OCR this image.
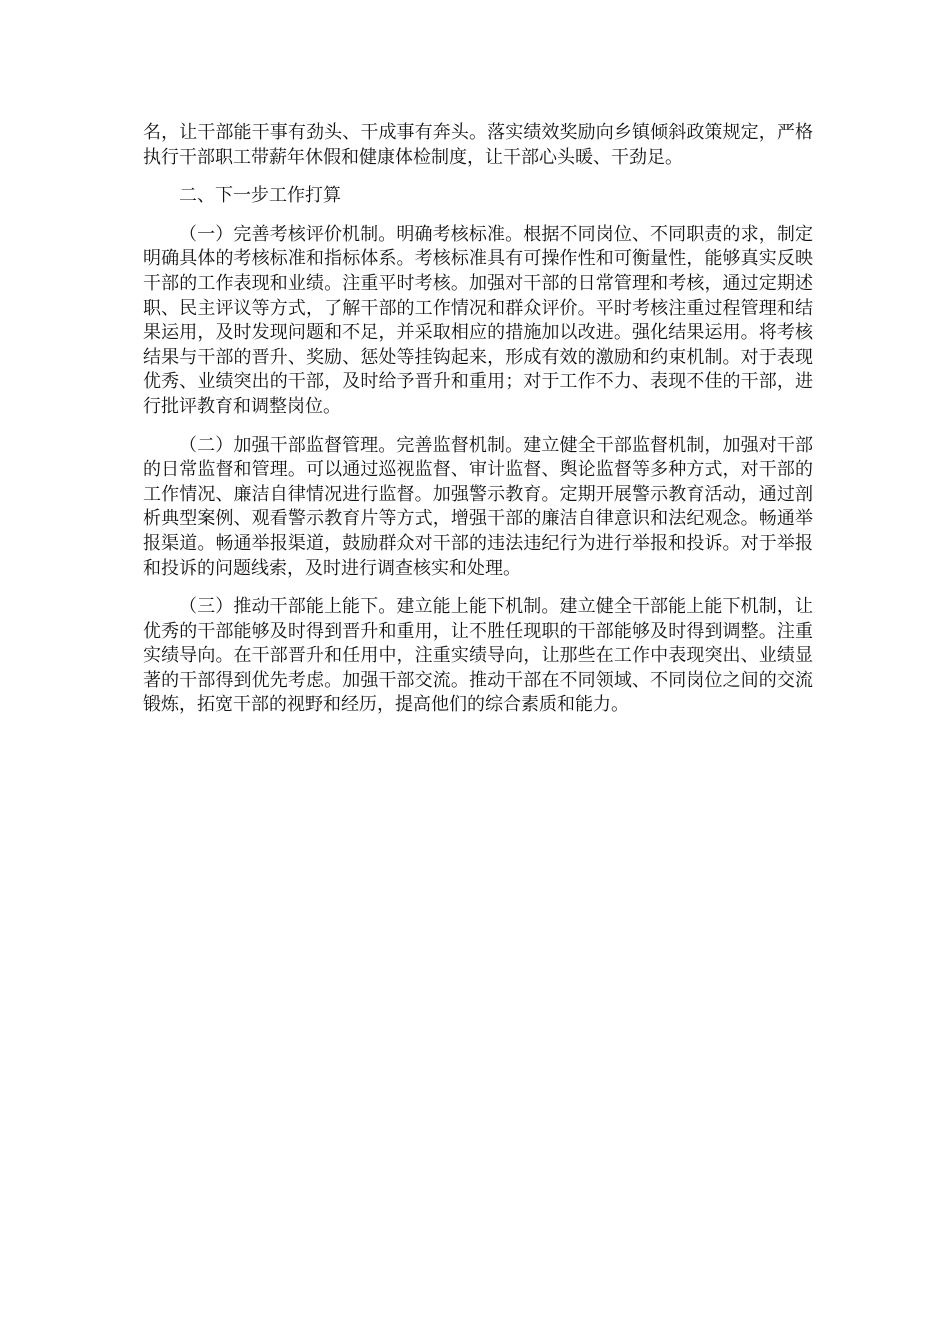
名，让干部能干事有劲头、干成事有奔头。落实绩效奖励向乡镇倾斜政策规定，严格执行干部职工带薪年休假和健康体检制度，让干部心头暖、干劲足。

二、下一步工作打算

（一）完善考核评价机制。明确考核标准。根据不同岗位、不同职责的求，制定明确具体的考核标准和指标体系。考核标准具有可操作性和可衡量性，能够真实反映干部的工作表现和业绩。注重平时考核。加强对干部的日常管理和考核，通过定期述职、民主评议等方式，了解干部的工作情况和群众评价。平时考核注重过程管理和结果运用，及时发现问题和不足，并采取相应的措施加以改进。强化结果运用。将考核结果与干部的晋升、奖励、惩处等挂钩起来，形成有效的激励和约束机制。对于表现优秀、业绩突出的干部，及时给予晋升和重用；对于工作不力、表现不佳的干部，进行批评教育和调整岗位。

（二）加强干部监督管理。完善监督机制。建立健全干部监督机制，加强对干部的日常监督和管理。可以通过巡视监督、审计监督、舆论监督等多种方式，对干部的工作情况、廉洁自律情况进行监督。加强警示教育。定期开展警示教育活动，通过剖析典型案例、观看警示教育片等方式，增强干部的廉洁自律意识和法纪观念。畅通举报渠道。畅通举报渠道，鼓励群众对干部的违法违纪行为进行举报和投诉。对于举报和投诉的问题线索，及时进行调查核实和处理。

（三）推动干部能上能下。建立能上能下机制。建立健全干部能上能下机制，让优秀的干部能够及时得到晋升和重用，让不胜任现职的干部能够及时得到调整。注重实绩导向。在干部晋升和任用中，注重实绩导向，让那些在工作中表现突出、业绩显著的干部得到优先考虑。加强干部交流。推动干部在不同领域、不同岗位之间的交流锻炼，拓宽干部的视野和经历，提高他们的综合素质和能力。
